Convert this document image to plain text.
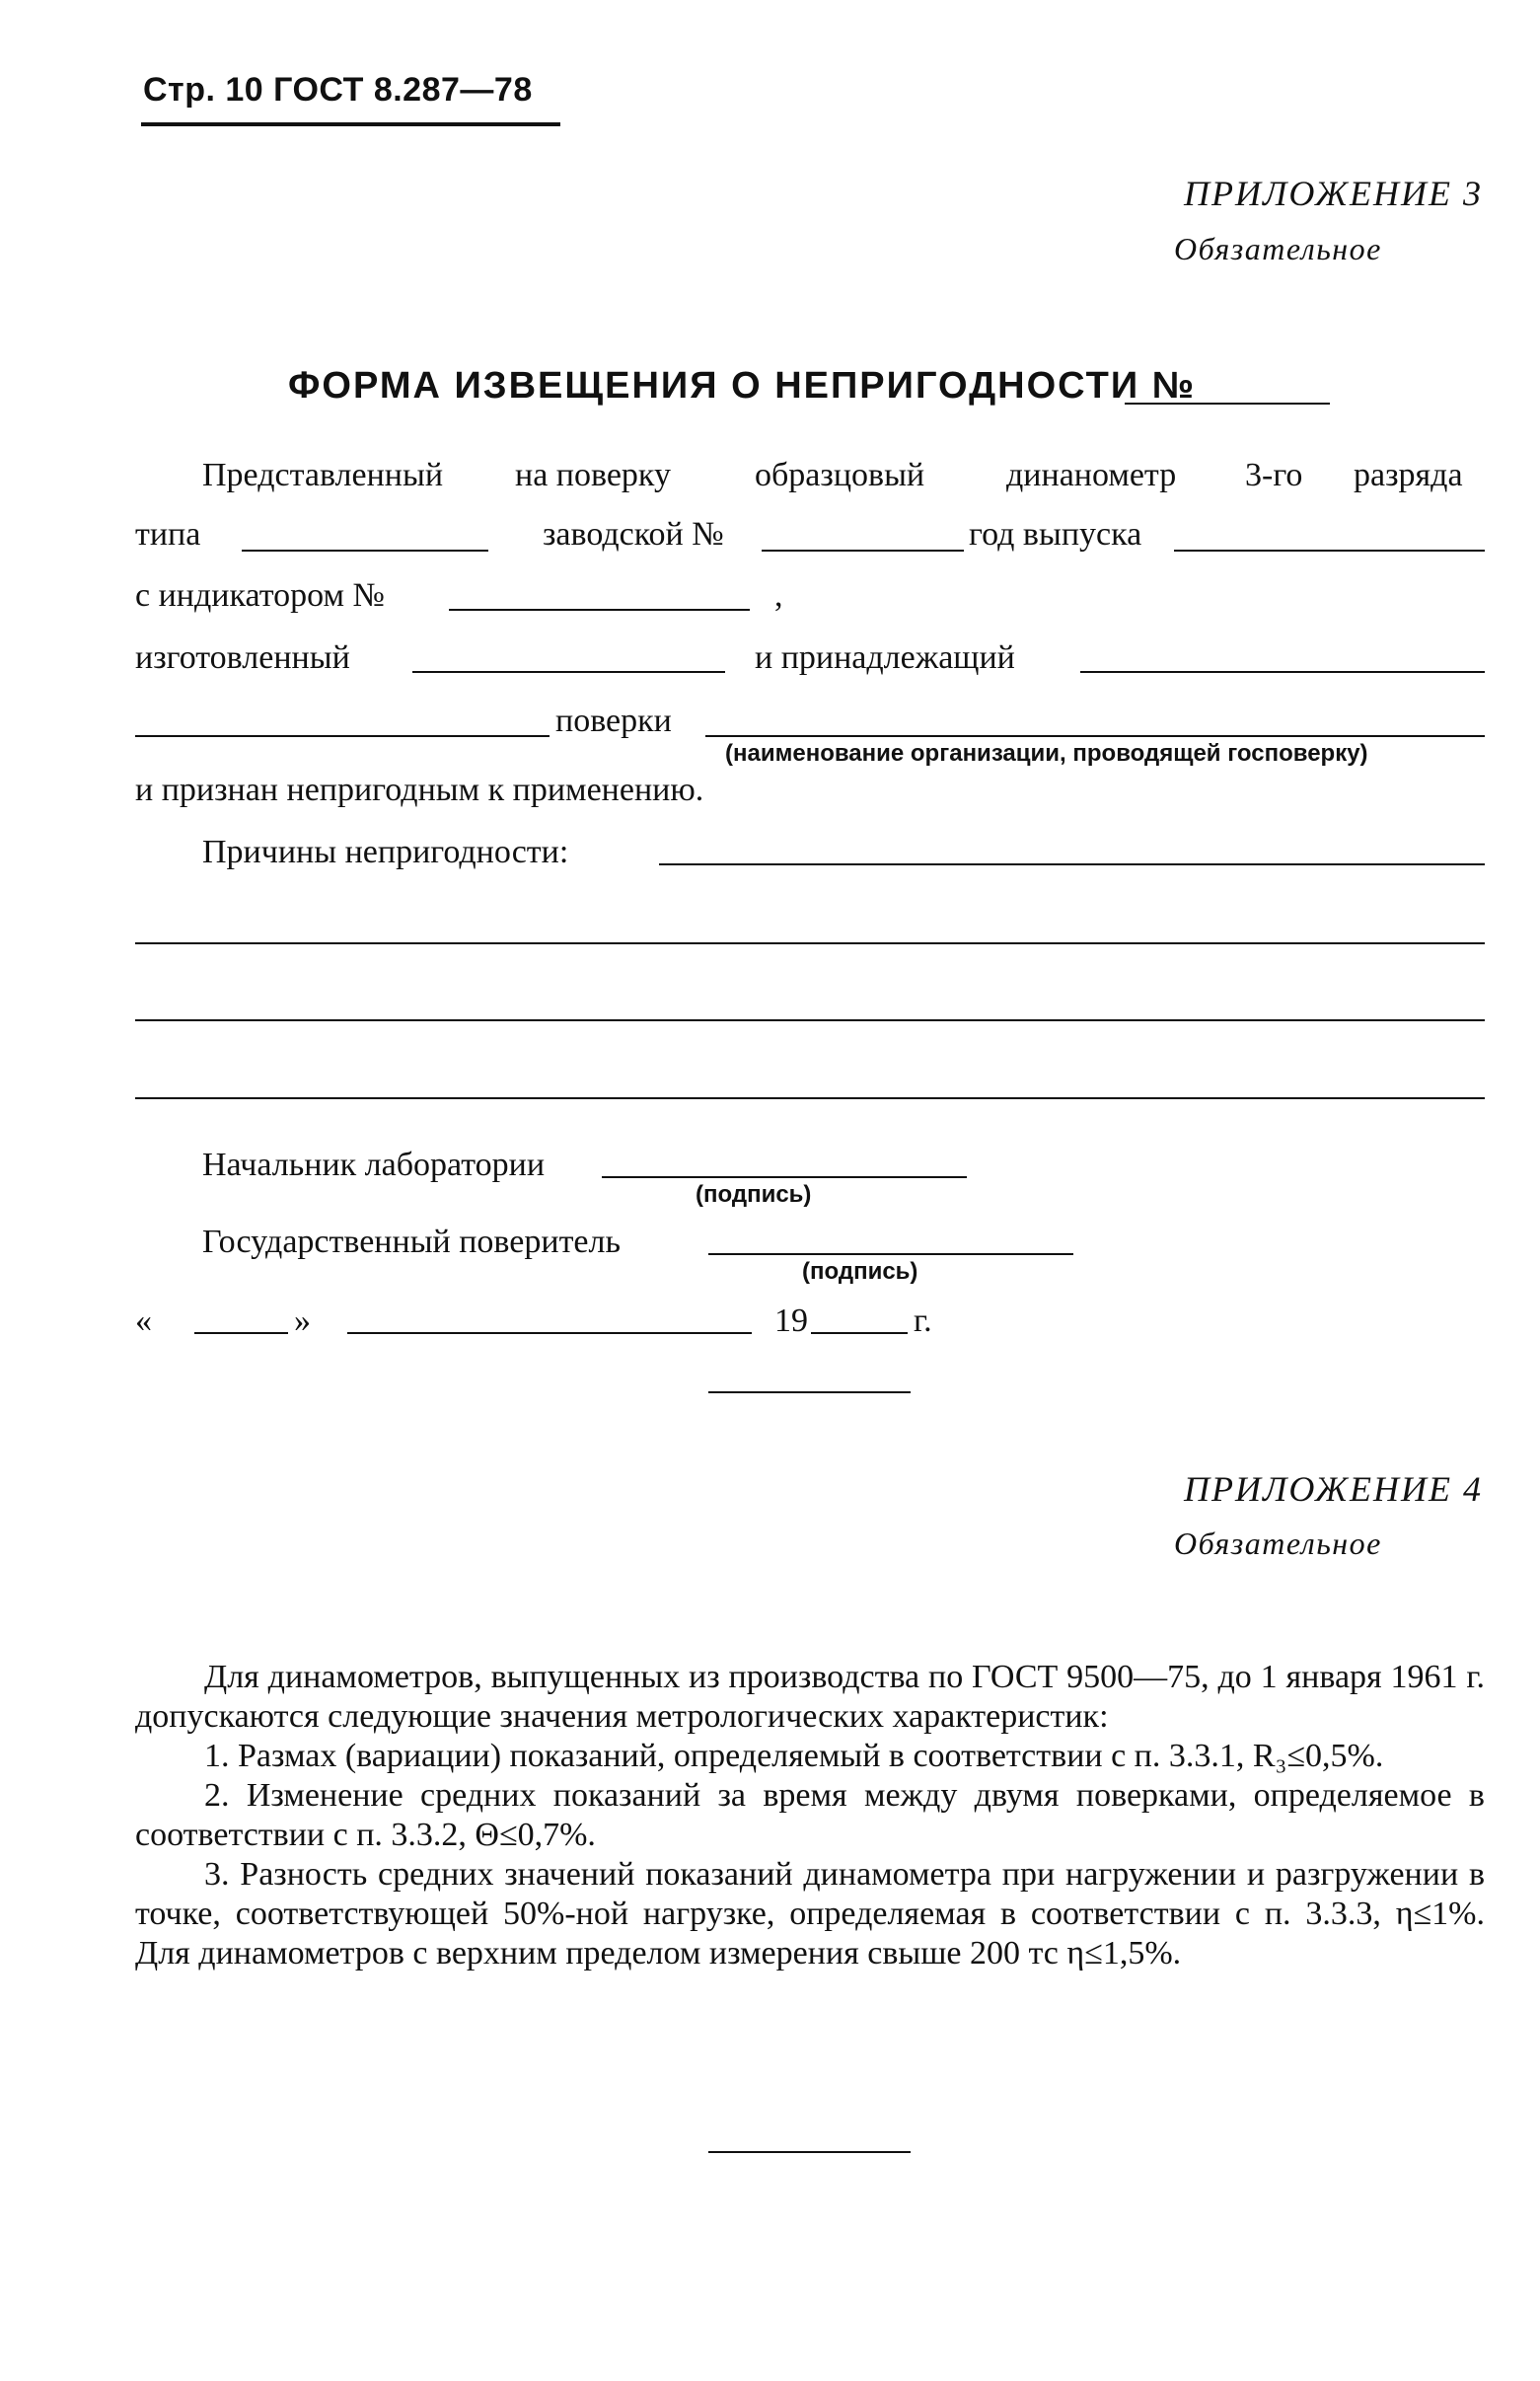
Стр. 10 ГОСТ 8.287—78
ПРИЛОЖЕНИЕ 3
Обязательное
ФОРМА ИЗВЕЩЕНИЯ О НЕПРИГОДНОСТИ №
Представленный на поверку	образцовый динанометр 3-го разряда
типа	заводской №	год выпуска
с индикатором №	,
изготовленный	и принадлежащий
поверки
(наименование организации, проводящей госповерку)
и признан непригодным к применению.
Причины непригодности:
Начальник лаборатории
(подпись)
Государственный поверитель
(подпись)
«	»	19	г.
ПРИЛОЖЕНИЕ 4
Обязательное

Для динамометров, выпущенных из производства по ГОСТ 9500—75, до 1 января 1961 г. допускаются следующие значения метрологических характеристик:

1. Размах (вариации) показаний, определяемый в соответствии с п. 3.3.1, R₃≤0,5%.

2. Изменение средних показаний за время между двумя поверками, определяемое в соответствии с п. 3.3.2, Θ≤0,7%.

3. Разность средних значений показаний динамометра при нагружении и разгружении в точке, соответствующей 50%-ной нагрузке, определяемая в соответствии с п. 3.3.3, η≤1%. Для динамометров с верхним пределом измерения свыше 200 тс η≤1,5%.
